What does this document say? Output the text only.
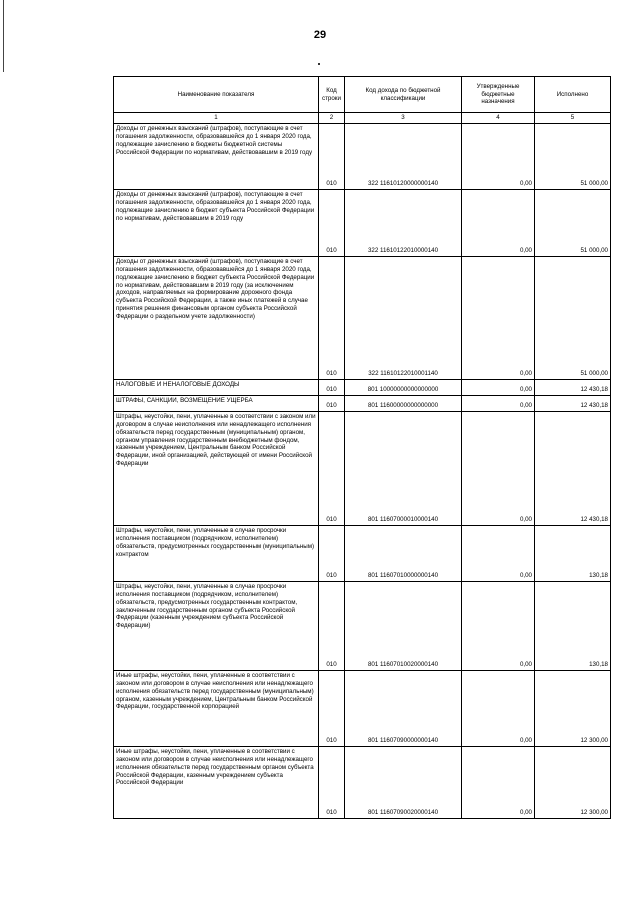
29
Наименование показателя	Код строки	Код дохода по бюджетной классификации	Утвержденные бюджетные назначения	Исполнено
1	2	3	4	5
Доходы от денежных взысканий (штрафов), поступающие в счет погашения задолженности, образовавшейся до 1 января 2020 года, подлежащие зачислению в бюджеты бюджетной системы Российской Федерации по нормативам, действовавшим в 2019 году	010	322 11610120000000140	0,00	51 000,00
Доходы от денежных взысканий (штрафов), поступающие в счет погашения задолженности, образовавшейся до 1 января 2020 года, подлежащие зачислению в бюджет субъекта Российской Федерации по нормативам, действовавшим в 2019 году	010	322 11610122010000140	0,00	51 000,00
Доходы от денежных взысканий (штрафов), поступающие в счет погашения задолженности, образовавшейся до 1 января 2020 года, подлежащие зачислению в бюджет субъекта Российской Федерации по нормативам, действовавшим в 2019 году (за исключением доходов, направляемых на формирование дорожного фонда субъекта Российской Федерации, а также иных платежей в случае принятия решения финансовым органом субъекта Российской Федерации о раздельном учете задолженности)	010	322 11610122010001140	0,00	51 000,00
НАЛОГОВЫЕ И НЕНАЛОГОВЫЕ ДОХОДЫ	010	801 10000000000000000	0,00	12 430,18
ШТРАФЫ, САНКЦИИ, ВОЗМЕЩЕНИЕ УЩЕРБА	010	801 11600000000000000	0,00	12 430,18
Штрафы, неустойки, пени, уплаченные в соответствии с законом или договором в случае неисполнения или ненадлежащего исполнения обязательств перед государственным (муниципальным) органом, органом управления государственным внебюджетным фондом, казенным учреждением, Центральным банком Российской Федерации, иной организацией, действующей от имени Российской Федерации	010	801 11607000010000140	0,00	12 430,18
Штрафы, неустойки, пени, уплаченные в случае просрочки исполнения поставщиком (подрядчиком, исполнителем) обязательств, предусмотренных государственным (муниципальным) контрактом	010	801 11607010000000140	0,00	130,18
Штрафы, неустойки, пени, уплаченные в случае просрочки исполнения поставщиком (подрядчиком, исполнителем) обязательств, предусмотренных государственным контрактом, заключенным государственным органом субъекта Российской Федерации (казенным учреждением субъекта Российской Федерации)	010	801 11607010020000140	0,00	130,18
Иные штрафы, неустойки, пени, уплаченные в соответствии с законом или договором в случае неисполнения или ненадлежащего исполнения обязательств перед государственным (муниципальным) органом, казенным учреждением, Центральным банком Российской Федерации, государственной корпорацией	010	801 11607090000000140	0,00	12 300,00
Иные штрафы, неустойки, пени, уплаченные в соответствии с законом или договором в случае неисполнения или ненадлежащего исполнения обязательств перед государственным органом субъекта Российской Федерации, казенным учреждением субъекта Российской Федерации	010	801 11607090020000140	0,00	12 300,00
